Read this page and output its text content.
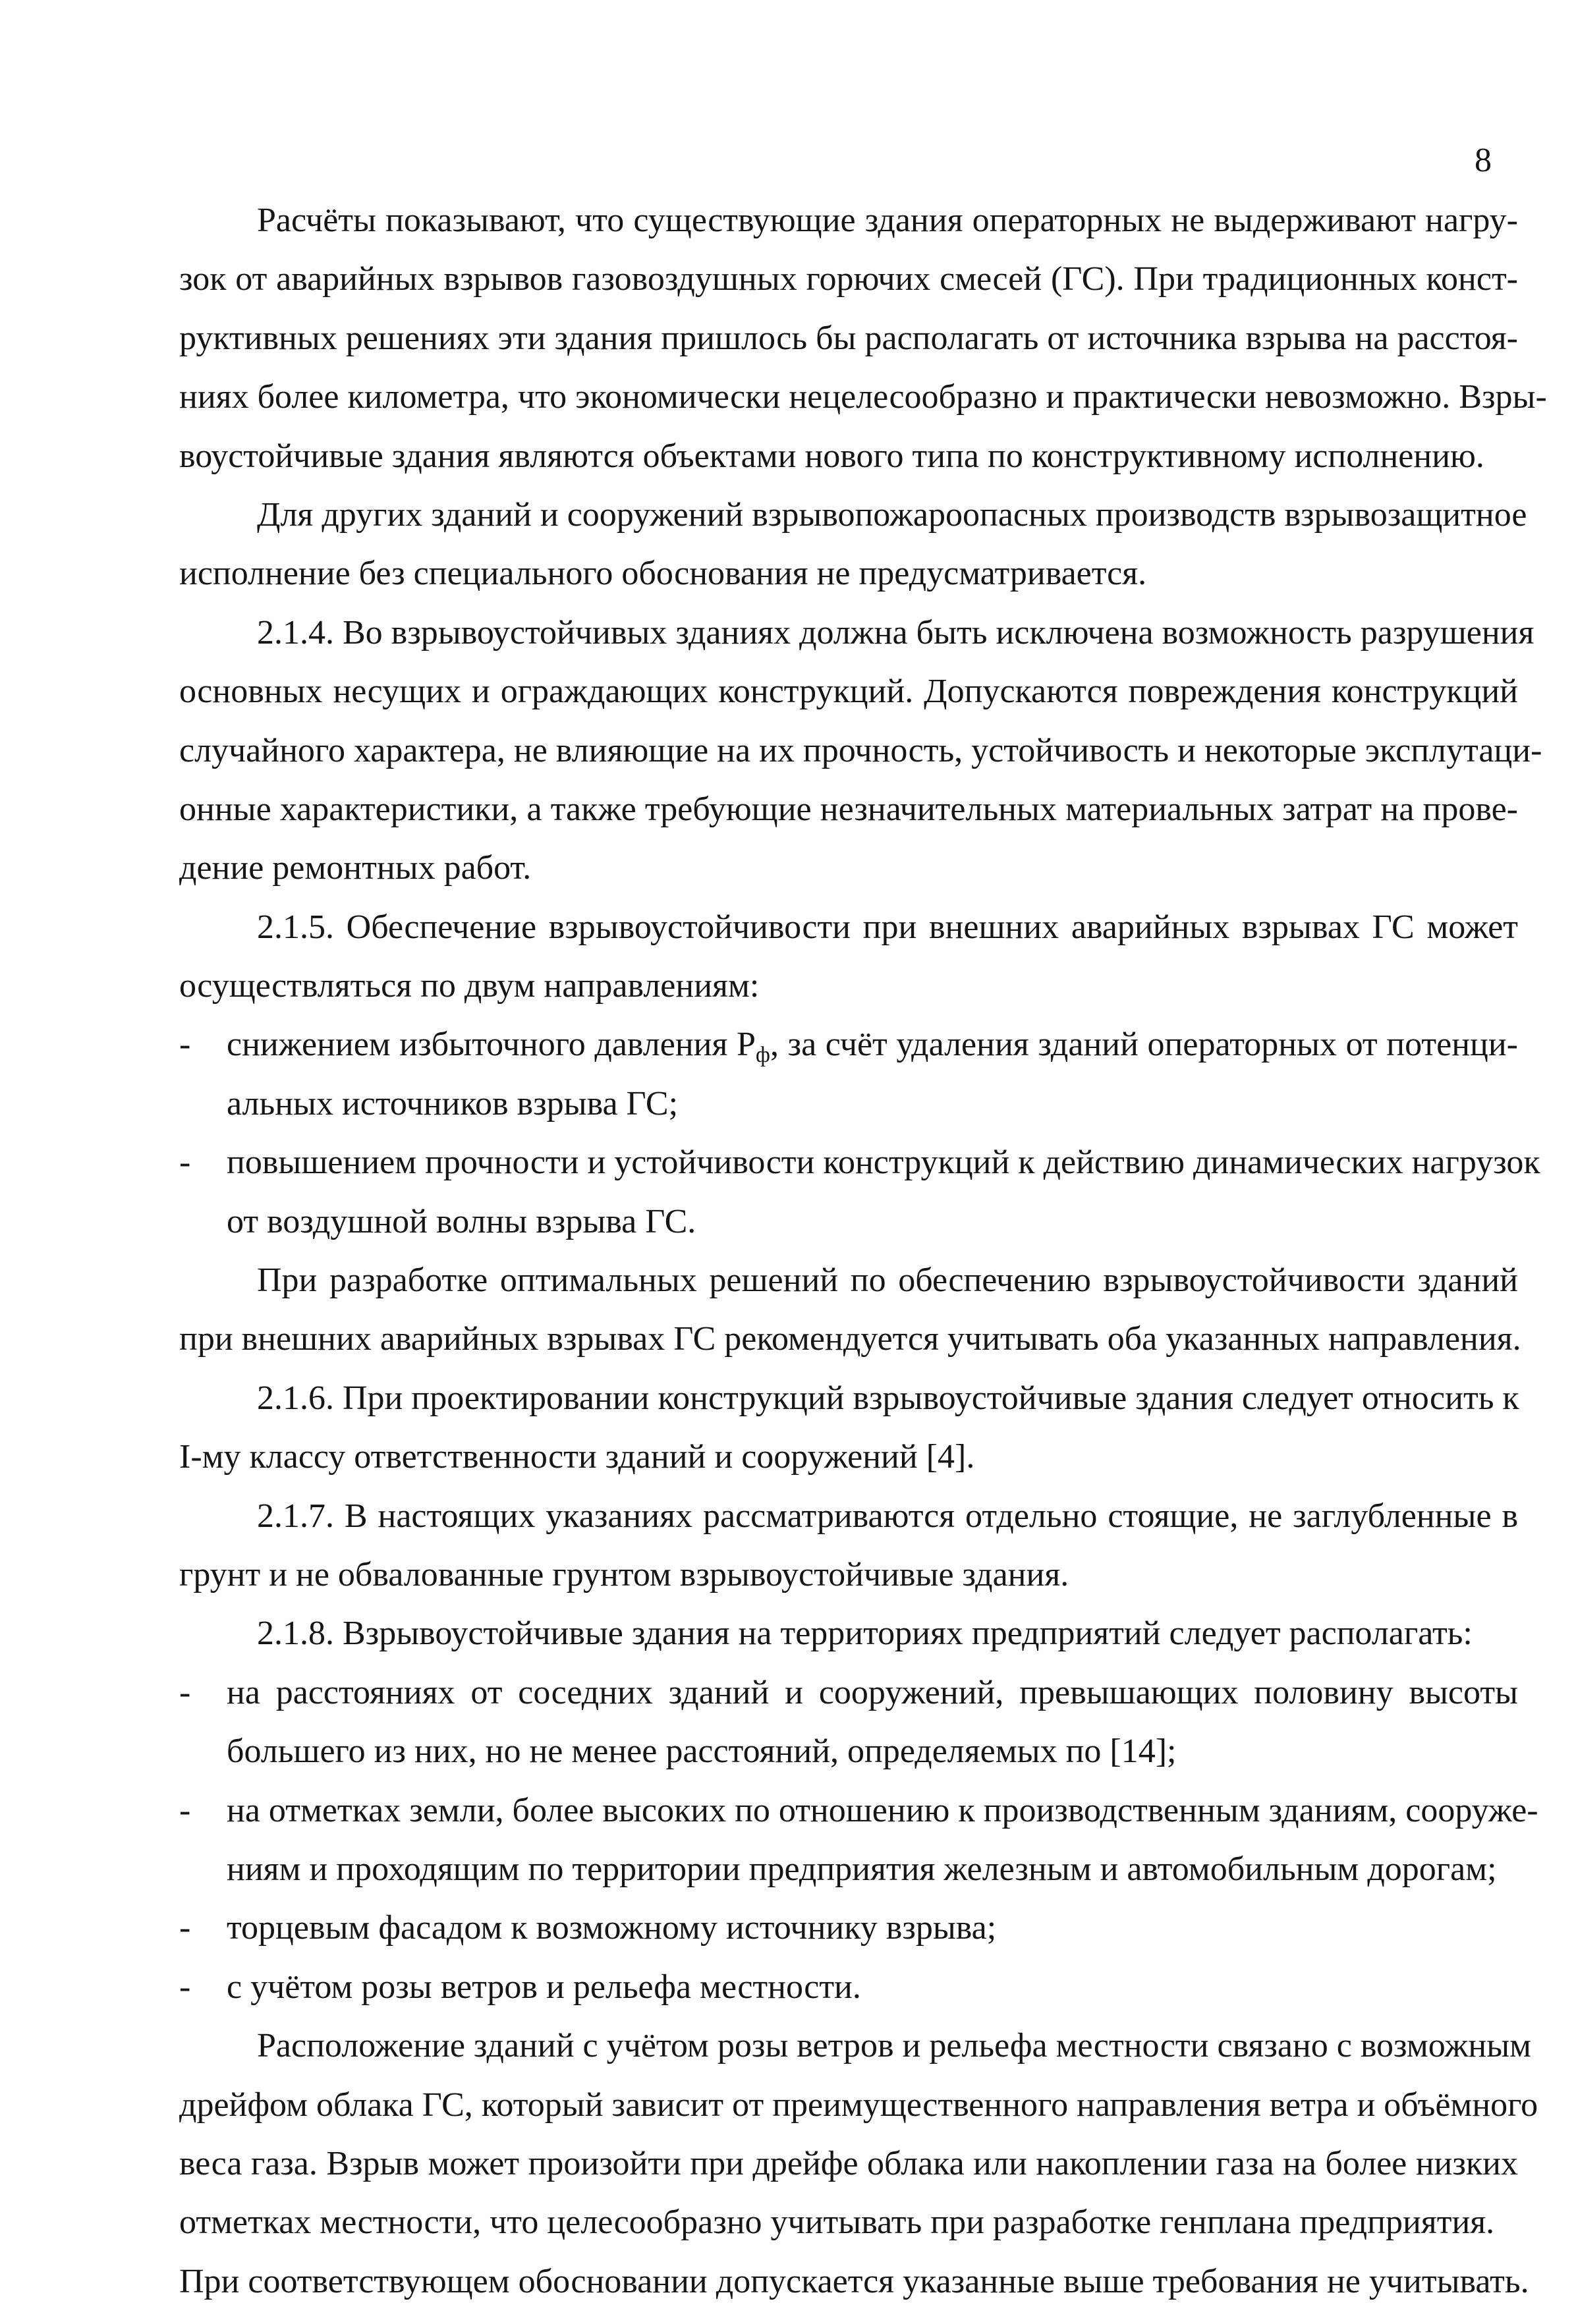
8
Расчёты показывают, что существующие здания операторных не выдерживают нагру-
зок от аварийных взрывов газовоздушных горючих смесей (ГС). При традиционных конст-
руктивных решениях эти здания пришлось бы располагать от источника взрыва на расстоя-
ниях более километра, что экономически нецелесообразно и практически невозможно. Взры-
воустойчивые здания являются объектами нового типа по конструктивному исполнению.
Для других зданий и сооружений взрывопожароопасных производств взрывозащитное
исполнение без специального обоснования не предусматривается.
2.1.4. Во взрывоустойчивых зданиях должна быть исключена возможность разрушения
основных несущих и ограждающих конструкций. Допускаются повреждения конструкций
случайного характера, не влияющие на их прочность, устойчивость и некоторые эксплутаци-
онные характеристики, а также требующие незначительных материальных затрат на прове-
дение ремонтных работ.
2.1.5. Обеспечение взрывоустойчивости при внешних аварийных взрывах ГС может
осуществляться по двум направлениям:
- снижением избыточного давления $Р_ф$, за счёт удаления зданий операторных от потенци-
альных источников взрыва ГС;
- повышением прочности и устойчивости конструкций к действию динамических нагрузок
от воздушной волны взрыва ГС.
При разработке оптимальных решений по обеспечению взрывоустойчивости зданий
при внешних аварийных взрывах ГС рекомендуется учитывать оба указанных направления.
2.1.6. При проектировании конструкций взрывоустойчивые здания следует относить к
I-му классу ответственности зданий и сооружений [4].
2.1.7. В настоящих указаниях рассматриваются отдельно стоящие, не заглубленные в
грунт и не обвалованные грунтом взрывоустойчивые здания.
2.1.8. Взрывоустойчивые здания на территориях предприятий следует располагать:
- на расстояниях от соседних зданий и сооружений, превышающих половину высоты
большего из них, но не менее расстояний, определяемых по [14];
- на отметках земли, более высоких по отношению к производственным зданиям, сооруже-
ниям и проходящим по территории предприятия железным и автомобильным дорогам;
- торцевым фасадом к возможному источнику взрыва;
- с учётом розы ветров и рельефа местности.
Расположение зданий с учётом розы ветров и рельефа местности связано с возможным
дрейфом облака ГС, который зависит от преимущественного направления ветра и объёмного
веса газа. Взрыв может произойти при дрейфе облака или накоплении газа на более низких
отметках местности, что целесообразно учитывать при разработке генплана предприятия.
При соответствующем обосновании допускается указанные выше требования не учитывать.
